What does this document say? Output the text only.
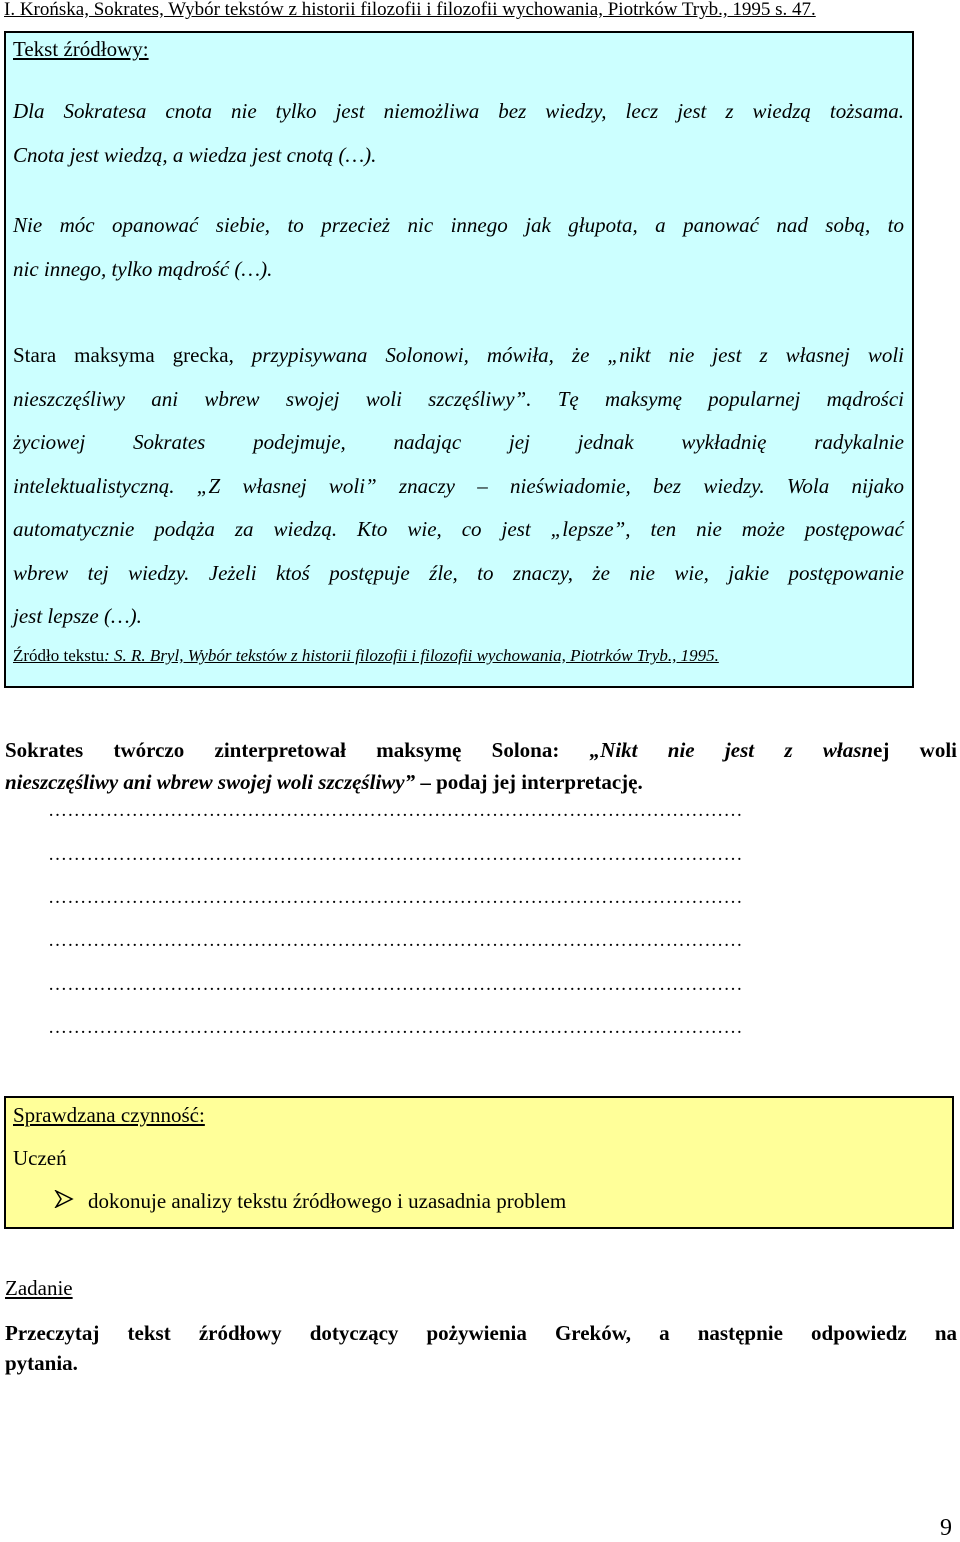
I. Krońska, Sokrates, Wybór tekstów z historii filozofii i filozofii wychowania, Piotrków Tryb., 1995 s. 47.
Tekst źródłowy:
Dla Sokratesa cnota nie tylko jest niemożliwa bez wiedzy, lecz jest z wiedzą tożsama.
Cnota jest wiedzą, a wiedza jest cnotą (…).
Nie móc opanować siebie, to przecież nic innego jak głupota, a panować nad sobą, to
nic innego, tylko mądrość (…).
Stara maksyma grecka, przypisywana Solonowi, mówiła, że „nikt nie jest z własnej woli
nieszczęśliwy ani wbrew swojej woli szczęśliwy”. Tę maksymę popularnej mądrości
życiowej Sokrates podejmuje, nadając jej jednak wykładnię radykalnie
intelektualistyczną. „Z własnej woli” znaczy – nieświadomie, bez wiedzy. Wola nijako
automatycznie podąża za wiedzą. Kto wie, co jest „lepsze”, ten nie może postępować
wbrew tej wiedzy. Jeżeli ktoś postępuje źle, to znaczy, że nie wie, jakie postępowanie
jest lepsze (…).
Źródło tekstu: S. R. Bryl, Wybór tekstów z historii filozofii i filozofii wychowania, Piotrków Tryb., 1995.
Sokrates twórczo zinterpretował maksymę Solona: „Nikt nie jest z własnej woli
nieszczęśliwy ani wbrew swojej woli szczęśliwy” – podaj jej interpretację.
………………………………………………………………………………………………
………………………………………………………………………………………………
………………………………………………………………………………………………
………………………………………………………………………………………………
………………………………………………………………………………………………
………………………………………………………………………………………………
Sprawdzana czynność:
Uczeń
dokonuje analizy tekstu źródłowego i uzasadnia problem
Zadanie
Przeczytaj tekst źródłowy dotyczący pożywienia Greków, a następnie odpowiedz na
pytania.
9
